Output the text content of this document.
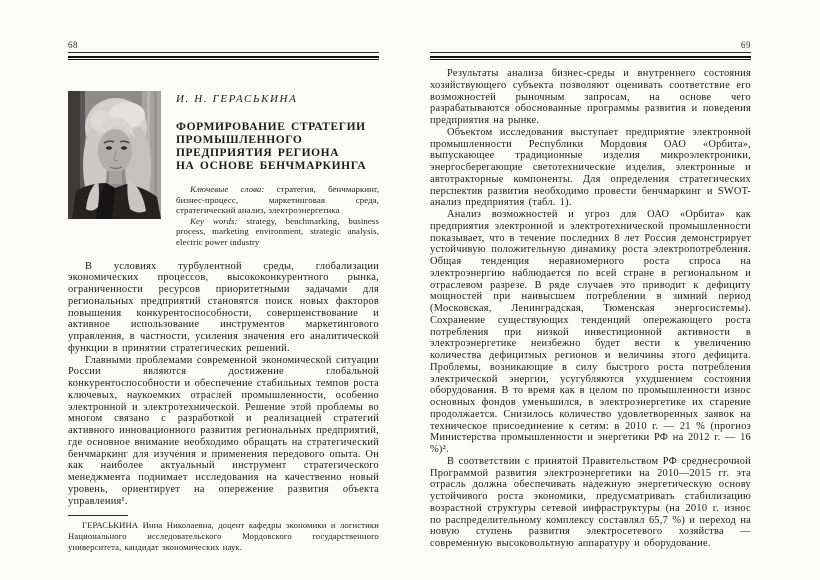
68
И. Н. ГЕРАСЬКИНА
ФОРМИРОВАНИЕ СТРАТЕГИИ
ПРОМЫШЛЕННОГО
ПРЕДПРИЯТИЯ РЕГИОНА
НА ОСНОВЕ БЕНЧМАРКИНГА

Ключевые слова: стратегия, бенчмаркинг, бизнес-процесс, маркетинговая среда, стратегический анализ, электроэнергетика

Key words: strategy, benchmarking, business process, marketing environment, strategic analysis, electric power industry

В условиях турбулентной среды, глобализации экономических процессов, высококонкурентного рынка, ограниченности ресурсов приоритетными задачами для региональных предприятий становятся поиск новых факторов повышения конкурентоспособности, совершенствование и активное использование инструментов маркетингового управления, в частности, усиления значения его аналитической функции в принятии стратегических решений.

Главными проблемами современной экономической ситуации России являются достижение глобальной конкурентоспособности и обеспечение стабильных темпов роста ключевых, наукоемких отраслей промышленности, особенно электронной и электротехнической. Решение этой проблемы во многом связано с разработкой и реализацией стратегий активного инновационного развития региональных предприятий, где основное внимание необходимо обращать на стратегический бенчмаркинг для изучения и применения передового опыта. Он как наиболее актуальный инструмент стратегического менеджмента поднимает исследования на качественно новый уровень, ориентирует на опережение развития объекта управления¹.

ГЕРАСЬКИНА Инна Николаевна, доцент кафедры экономики и логистики Национального исследовательского Мордовского государственного университета, кандидат экономических наук.

69

Результаты анализа бизнес-среды и внутреннего состояния хозяйствующего субъекта позволяют оценивать соответствие его возможностей рыночным запросам, на основе чего разрабатываются обоснованные программы развития и поведения предприятия на рынке.

Объектом исследования выступает предприятие электронной промышленности Республики Мордовия ОАО «Орбита», выпускающее традиционные изделия микроэлектроники, энергосберегающие светотехнические изделия, электронные и автотракторные компоненты. Для определения стратегических перспектив развития необходимо провести бенчмаркинг и SWOT-анализ предприятия (табл. 1).

Анализ возможностей и угроз для ОАО «Орбита» как предприятия электронной и электротехнической промышленности показывает, что в течение последних 8 лет Россия демонстрирует устойчивую положительную динамику роста электропотребления. Общая тенденция неравномерного роста спроса на электроэнергию наблюдается по всей стране в региональном и отраслевом разрезе. В ряде случаев это приводит к дефициту мощностей при наивысшем потреблении в зимний период (Московская, Ленинградская, Тюменская энергосистемы). Сохранение существующих тенденций опережающего роста потребления при низкой инвестиционной активности в электроэнергетике неизбежно будет вести к увеличению количества дефицитных регионов и величины этого дефицита. Проблемы, возникающие в силу быстрого роста потребления электрической энергии, усугубляются ухудшением состояния оборудования. В то время как в целом по промышленности износ основных фондов уменьшился, в электроэнергетике их старение продолжается. Снизилось количество удовлетворенных заявок на техническое присоединение к сетям: в 2010 г. — 21 % (прогноз Министерства промышленности и энергетики РФ на 2012 г. — 16 %)².

В соответствии с принятой Правительством РФ среднесрочной Программой развития электроэнергетики на 2010—2015 гг. эта отрасль должна обеспечивать надежную энергетическую основу устойчивого роста экономики, предусматривать стабилизацию возрастной структуры сетевой инфраструктуры (на 2010 г. износ по распределительному комплексу составлял 65,7 %) и переход на новую ступень развития электросетевого хозяйства — современную высоковольтную аппаратуру и оборудование.
